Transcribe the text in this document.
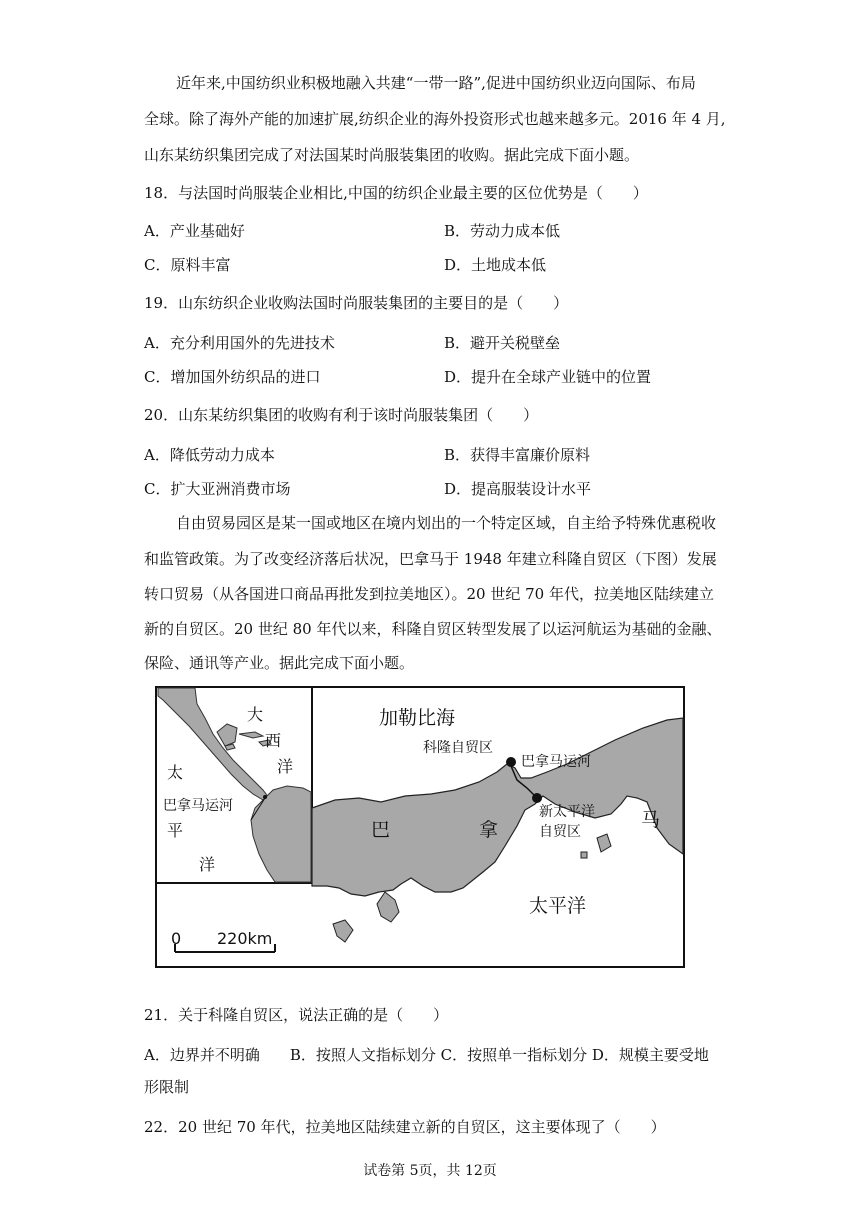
近年来,中国纺织业积极地融入共建“一带一路”,促进中国纺织业迈向国际、布局
全球。除了海外产能的加速扩展,纺织企业的海外投资形式也越来越多元。2016 年 4 月,
山东某纺织集团完成了对法国某时尚服装集团的收购。据此完成下面小题。
18．与法国时尚服装企业相比,中国的纺织企业最主要的区位优势是（　　）
A．产业基础好	B．劳动力成本低
C．原料丰富	D．土地成本低
19．山东纺织企业收购法国时尚服装集团的主要目的是（　　）
A．充分利用国外的先进技术	B．避开关税壁垒
C．增加国外纺织品的进口	D．提升在全球产业链中的位置
20．山东某纺织集团的收购有利于该时尚服装集团（　　）
A．降低劳动力成本	B．获得丰富廉价原料
C．扩大亚洲消费市场	D．提高服装设计水平
自由贸易园区是某一国或地区在境内划出的一个特定区域，自主给予特殊优惠税收
和监管政策。为了改变经济落后状况，巴拿马于 1948 年建立科隆自贸区（下图）发展
转口贸易（从各国进口商品再批发到拉美地区）。20 世纪 70 年代，拉美地区陆续建立
新的自贸区。20 世纪 80 年代以来，科隆自贸区转型发展了以运河航运为基础的金融、
保险、通讯等产业。据此完成下面小题。
大
西
洋
太
平
洋
巴拿马运河
加勒比海
科隆自贸区
巴拿马运河
新太平洋
自贸区
巴	拿	马
太平洋
0 220km
21．关于科隆自贸区，说法正确的是（　　）
A．边界并不明确　　B．按照人文指标划分 C．按照单一指标划分 D．规模主要受地
形限制
22．20 世纪 70 年代，拉美地区陆续建立新的自贸区，这主要体现了（　　）
试卷第 5页，共 12页
